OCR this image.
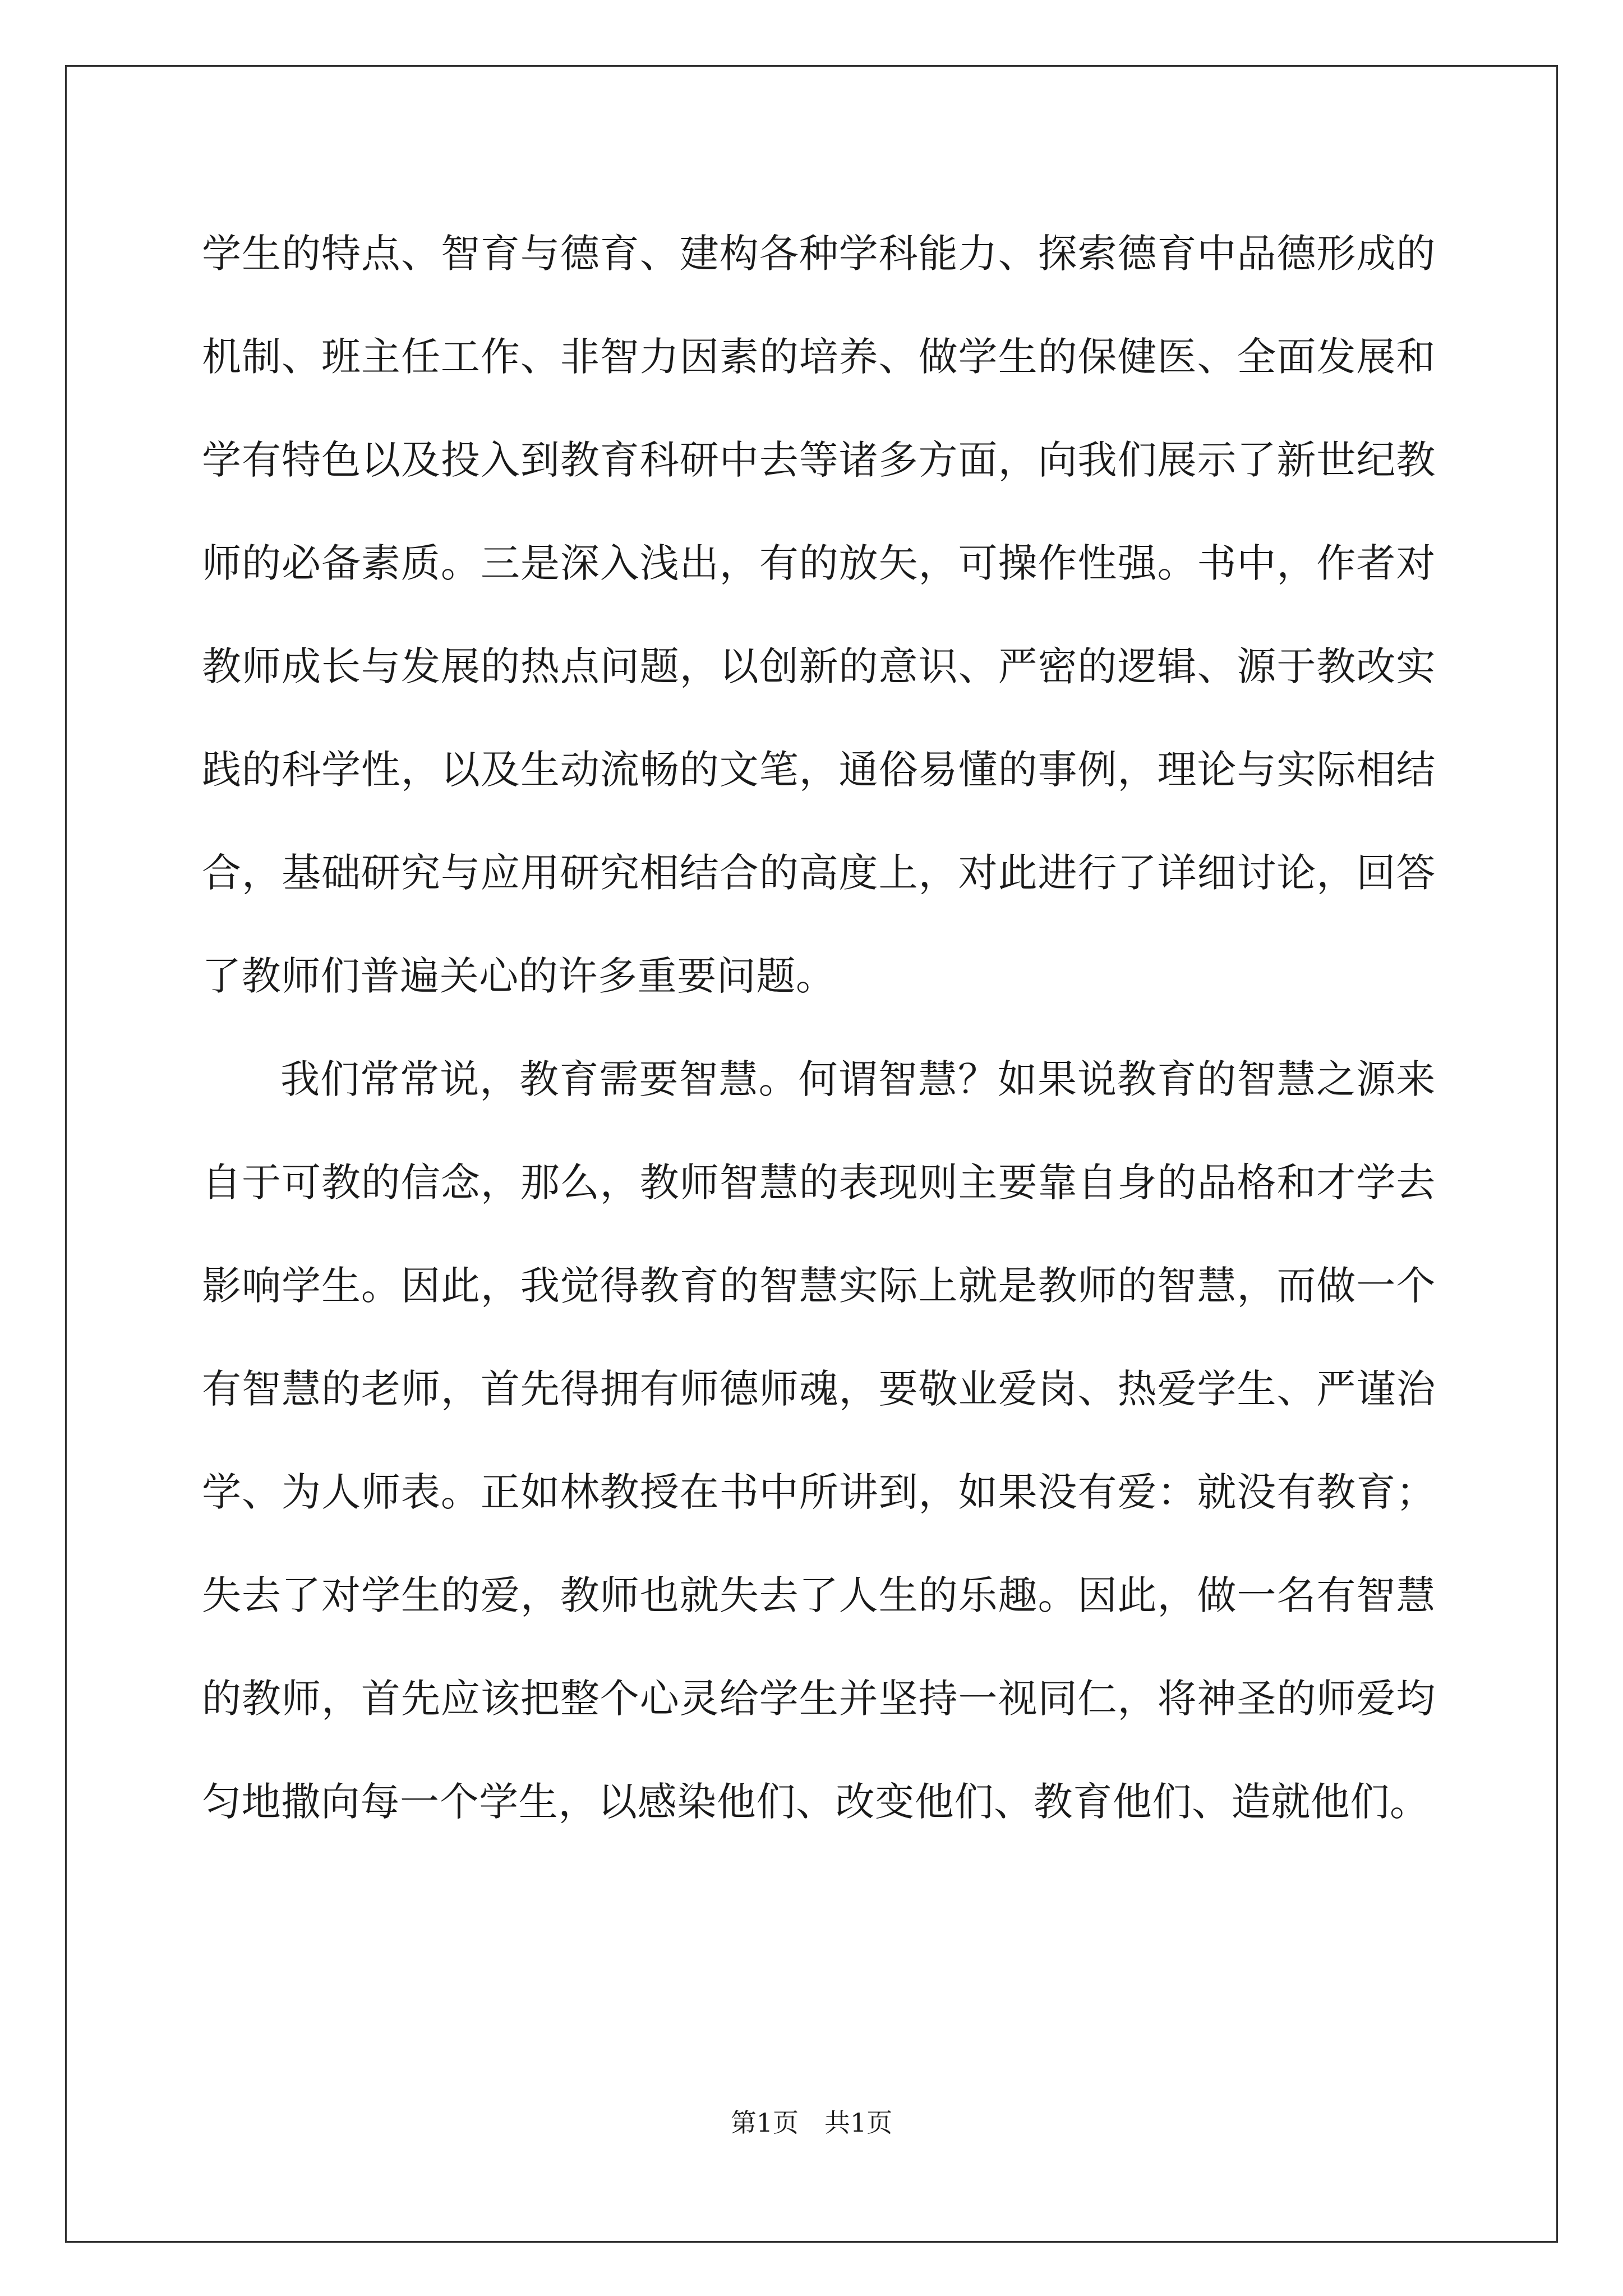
学生的特点、智育与德育、建构各种学科能力、探索德育中品德形成的机制、班主任工作、非智力因素的培养、做学生的保健医、全面发展和学有特色以及投入到教育科研中去等诸多方面，向我们展示了新世纪教师的必备素质。三是深入浅出，有的放矢，可操作性强。书中，作者对教师成长与发展的热点问题，以创新的意识、严密的逻辑、源于教改实践的科学性，以及生动流畅的文笔，通俗易懂的事例，理论与实际相结合，基础研究与应用研究相结合的高度上，对此进行了详细讨论，回答了教师们普遍关心的许多重要问题。

我们常常说，教育需要智慧。何谓智慧？如果说教育的智慧之源来自于可教的信念，那么，教师智慧的表现则主要靠自身的品格和才学去影响学生。因此，我觉得教育的智慧实际上就是教师的智慧，而做一个有智慧的老师，首先得拥有师德师魂，要敬业爱岗、热爱学生、严谨治学、为人师表。正如林教授在书中所讲到，如果没有爱：就没有教育；失去了对学生的爱，教师也就失去了人生的乐趣。因此，做一名有智慧的教师，首先应该把整个心灵给学生并坚持一视同仁，将神圣的师爱均匀地撒向每一个学生，以感染他们、改变他们、教育他们、造就他们。

第1页　共1页
